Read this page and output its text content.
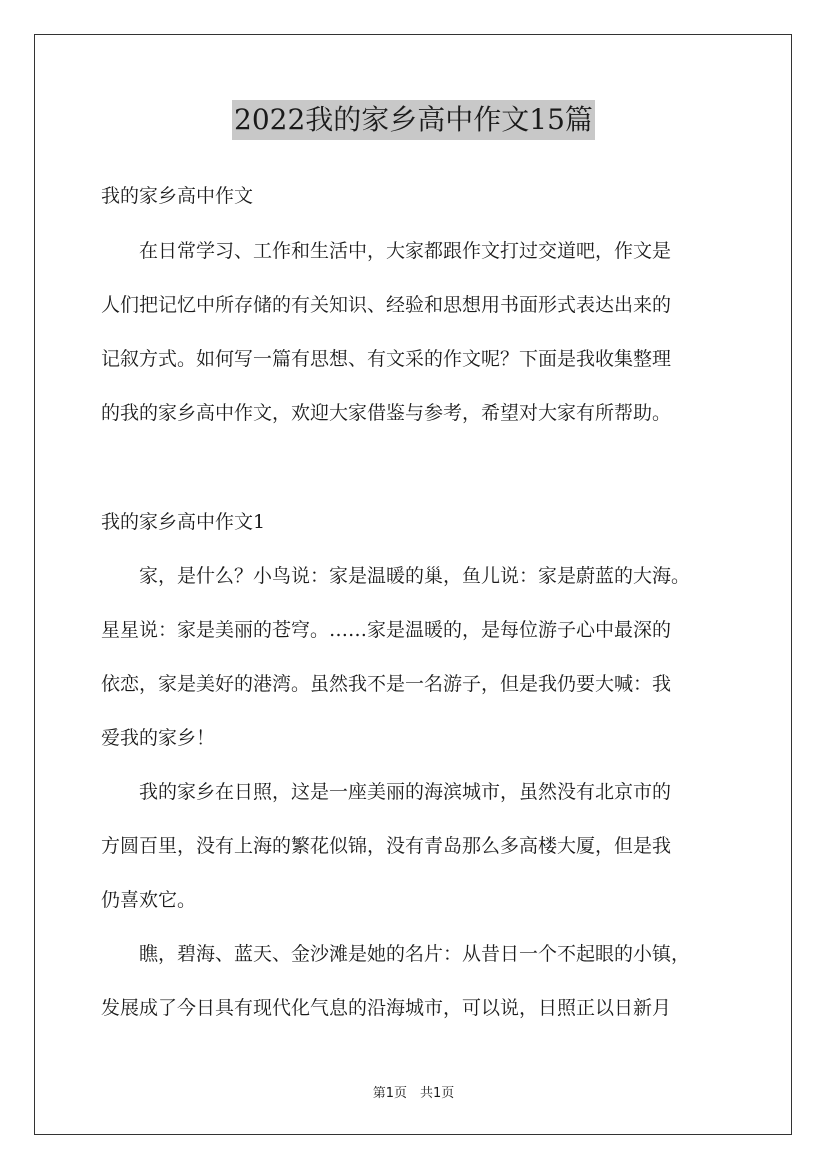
2022我的家乡高中作文15篇
我的家乡高中作文
　　在日常学习、工作和生活中，大家都跟作文打过交道吧，作文是
人们把记忆中所存储的有关知识、经验和思想用书面形式表达出来的
记叙方式。如何写一篇有思想、有文采的作文呢？下面是我收集整理
的我的家乡高中作文，欢迎大家借鉴与参考，希望对大家有所帮助。
我的家乡高中作文1
　　家，是什么？小鸟说：家是温暖的巢，鱼儿说：家是蔚蓝的大海。
星星说：家是美丽的苍穹。……家是温暖的，是每位游子心中最深的
依恋，家是美好的港湾。虽然我不是一名游子，但是我仍要大喊：我
爱我的家乡！
　　我的家乡在日照，这是一座美丽的海滨城市，虽然没有北京市的
方圆百里，没有上海的繁花似锦，没有青岛那么多高楼大厦，但是我
仍喜欢它。
　　瞧，碧海、蓝天、金沙滩是她的名片：从昔日一个不起眼的小镇，
发展成了今日具有现代化气息的沿海城市，可以说，日照正以日新月
第1页　共1页
